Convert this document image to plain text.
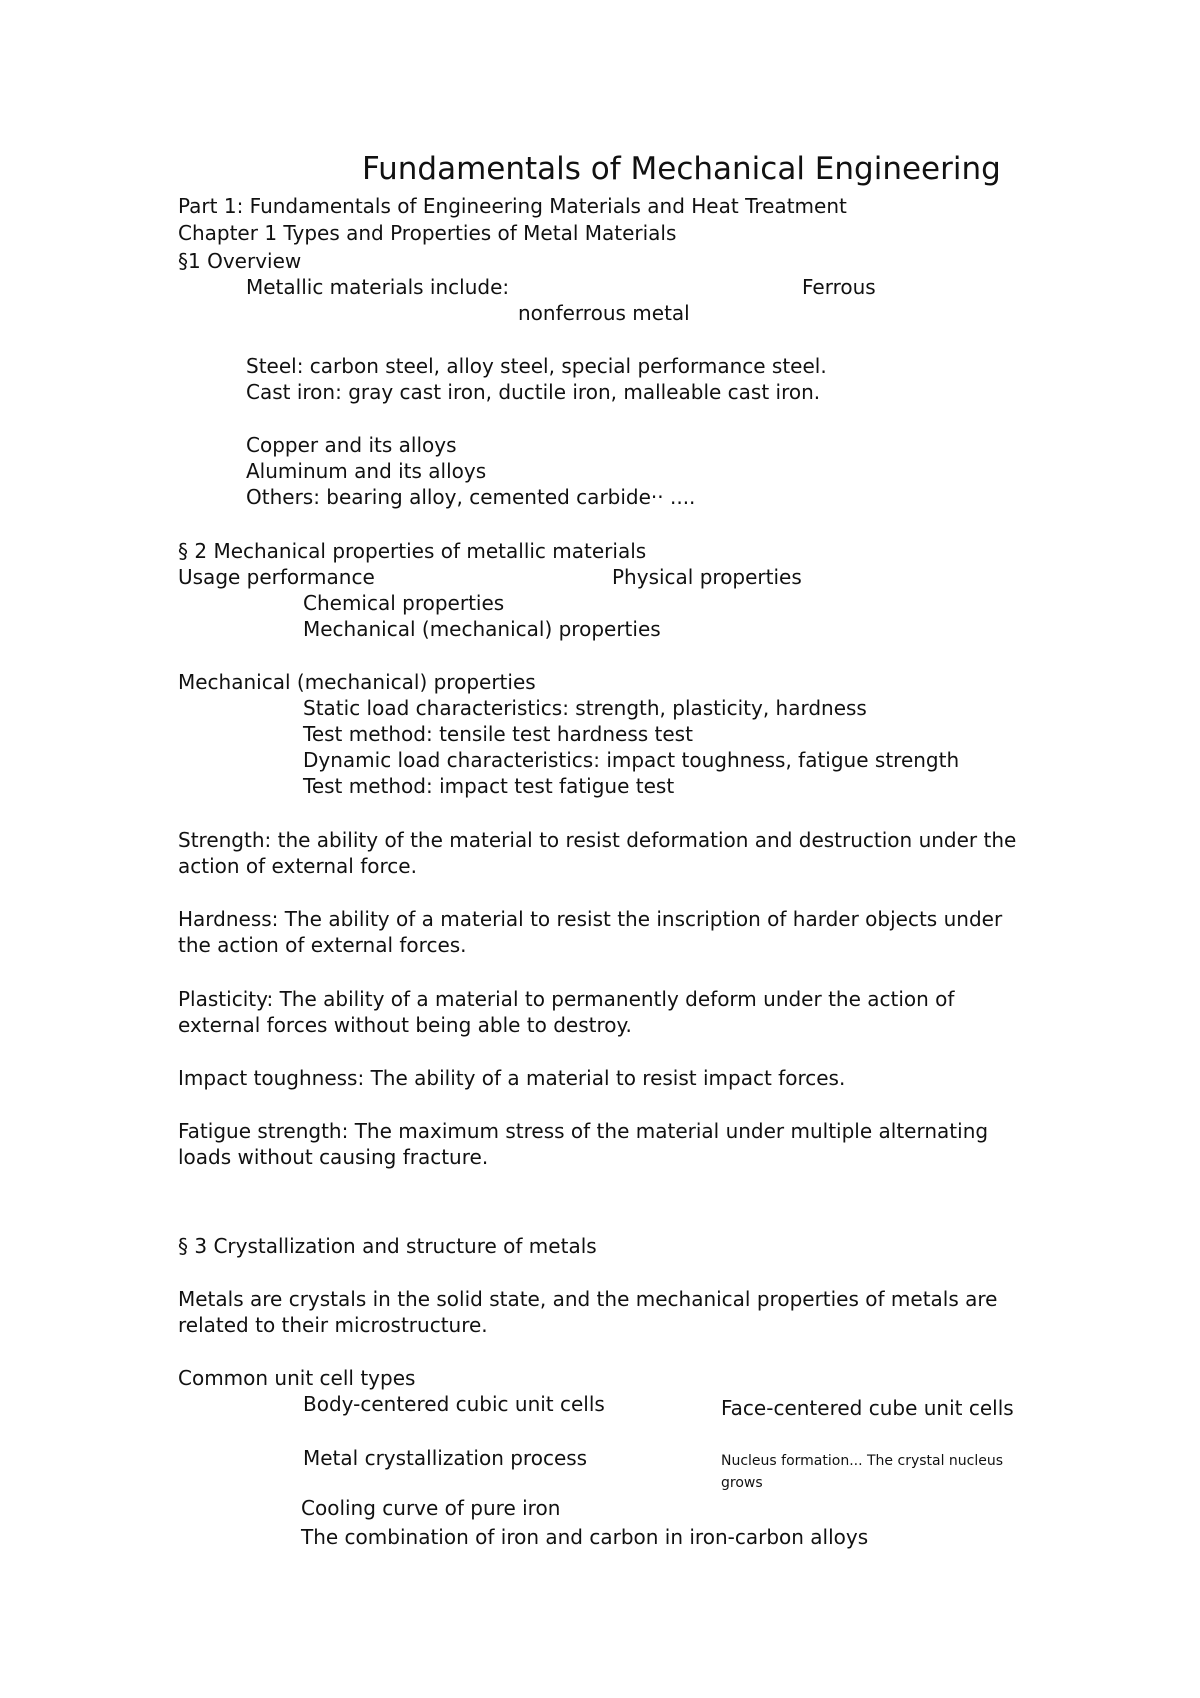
Fundamentals of Mechanical Engineering
Part 1: Fundamentals of Engineering Materials and Heat Treatment
Chapter 1 Types and Properties of Metal Materials
§1 Overview
Metallic materials include:	Ferrous
nonferrous metal
Steel: carbon steel, alloy steel, special performance steel.
Cast iron: gray cast iron, ductile iron, malleable cast iron.
Copper and its alloys
Aluminum and its alloys
Others: bearing alloy, cemented carbide·· ....
§ 2 Mechanical properties of metallic materials
Usage performance	Physical properties
Chemical properties
Mechanical (mechanical) properties
Mechanical (mechanical) properties
Static load characteristics: strength, plasticity, hardness
Test method: tensile test hardness test
Dynamic load characteristics: impact toughness, fatigue strength
Test method: impact test fatigue test
Strength: the ability of the material to resist deformation and destruction under the
action of external force.
Hardness: The ability of a material to resist the inscription of harder objects under
the action of external forces.
Plasticity: The ability of a material to permanently deform under the action of
external forces without being able to destroy.
Impact toughness: The ability of a material to resist impact forces.
Fatigue strength: The maximum stress of the material under multiple alternating
loads without causing fracture.
§ 3 Crystallization and structure of metals
Metals are crystals in the solid state, and the mechanical properties of metals are
related to their microstructure.
Common unit cell types
Body-centered cubic unit cells	Face-centered cube unit cells
Metal crystallization process	Nucleus formation... The crystal nucleus grows
Cooling curve of pure iron
The combination of iron and carbon in iron-carbon alloys
